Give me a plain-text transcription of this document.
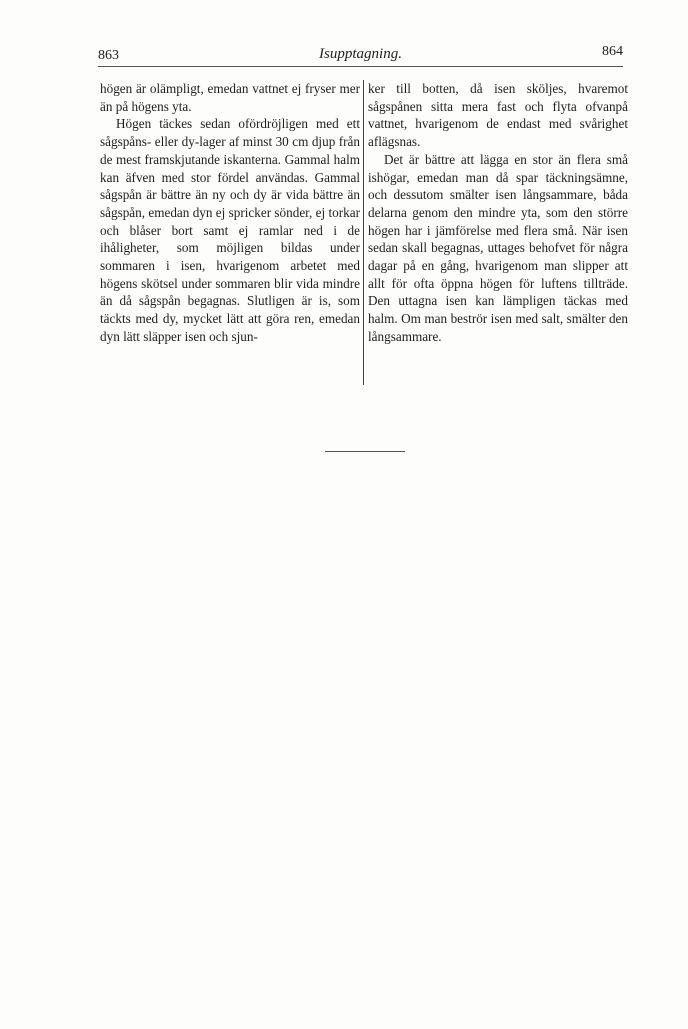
863	Isupptagning.	864

högen är olämpligt, emedan vattnet ej fryser mer än på högens yta.

Högen täckes sedan ofördröjligen med ett sågspåns- eller dy-lager af minst 30 cm djup från de mest framskjutande iskanterna. Gammal halm kan äfven med stor fördel användas. Gammal sågspån är bättre än ny och dy är vida bättre än sågspån, emedan dyn ej spricker sönder, ej torkar och blåser bort samt ej ramlar ned i de ihåligheter, som möjligen bildas under sommaren i isen, hvarigenom arbetet med högens skötsel under sommaren blir vida mindre än då sågspån begagnas. Slutligen är is, som täckts med dy, mycket lätt att göra ren, emedan dyn lätt släpper isen och sjun-

ker till botten, då isen sköljes, hvaremot sågspånen sitta mera fast och flyta ofvanpå vattnet, hvarigenom de endast med svårighet aflägsnas.

Det är bättre att lägga en stor än flera små ishögar, emedan man då spar täckningsämne, och dessutom smälter isen långsammare, båda delarna genom den mindre yta, som den större högen har i jämförelse med flera små. När isen sedan skall begagnas, uttages behofvet för några dagar på en gång, hvarigenom man slipper att allt för ofta öppna högen för luftens tillträde. Den uttagna isen kan lämpligen täckas med halm. Om man beströr isen med salt, smälter den långsammare.
